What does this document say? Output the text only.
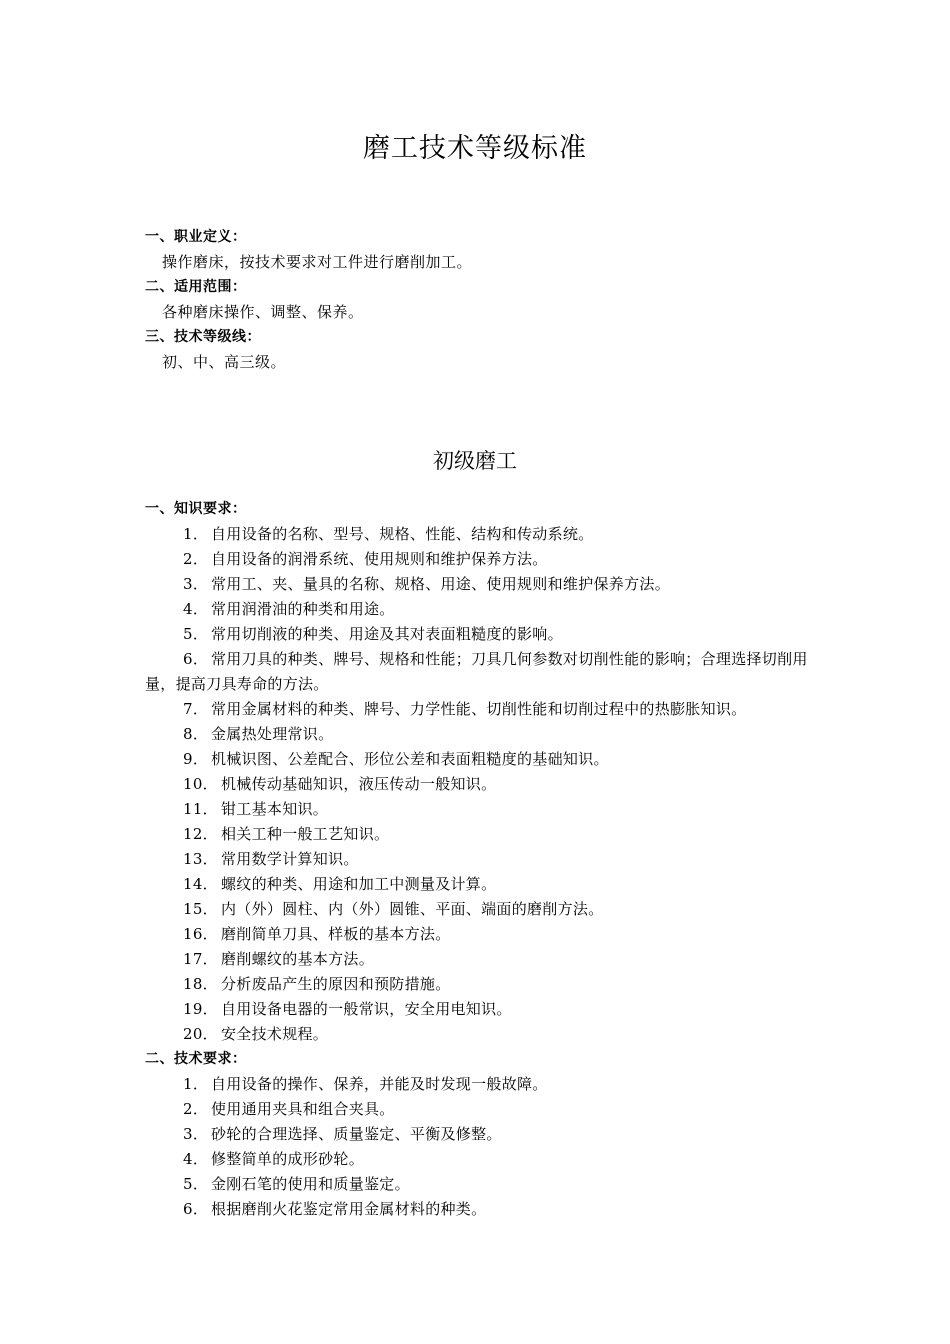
磨工技术等级标准
一、职业定义：
操作磨床，按技术要求对工件进行磨削加工。
二、适用范围：
各种磨床操作、调整、保养。
三、技术等级线：
初、中、高三级。
初级磨工
一、知识要求：
1． 自用设备的名称、型号、规格、性能、结构和传动系统。
2． 自用设备的润滑系统、使用规则和维护保养方法。
3． 常用工、夹、量具的名称、规格、用途、使用规则和维护保养方法。
4． 常用润滑油的种类和用途。
5． 常用切削液的种类、用途及其对表面粗糙度的影响。
6． 常用刀具的种类、牌号、规格和性能；刀具几何参数对切削性能的影响；合理选择切削用量，提高刀具寿命的方法。
7． 常用金属材料的种类、牌号、力学性能、切削性能和切削过程中的热膨胀知识。
8． 金属热处理常识。
9． 机械识图、公差配合、形位公差和表面粗糙度的基础知识。
10． 机械传动基础知识，液压传动一般知识。
11． 钳工基本知识。
12． 相关工种一般工艺知识。
13． 常用数学计算知识。
14． 螺纹的种类、用途和加工中测量及计算。
15． 内（外）圆柱、内（外）圆锥、平面、端面的磨削方法。
16． 磨削简单刀具、样板的基本方法。
17． 磨削螺纹的基本方法。
18． 分析废品产生的原因和预防措施。
19． 自用设备电器的一般常识，安全用电知识。
20． 安全技术规程。
二、技术要求：
1． 自用设备的操作、保养，并能及时发现一般故障。
2． 使用通用夹具和组合夹具。
3． 砂轮的合理选择、质量鉴定、平衡及修整。
4． 修整简单的成形砂轮。
5． 金刚石笔的使用和质量鉴定。
6． 根据磨削火花鉴定常用金属材料的种类。
